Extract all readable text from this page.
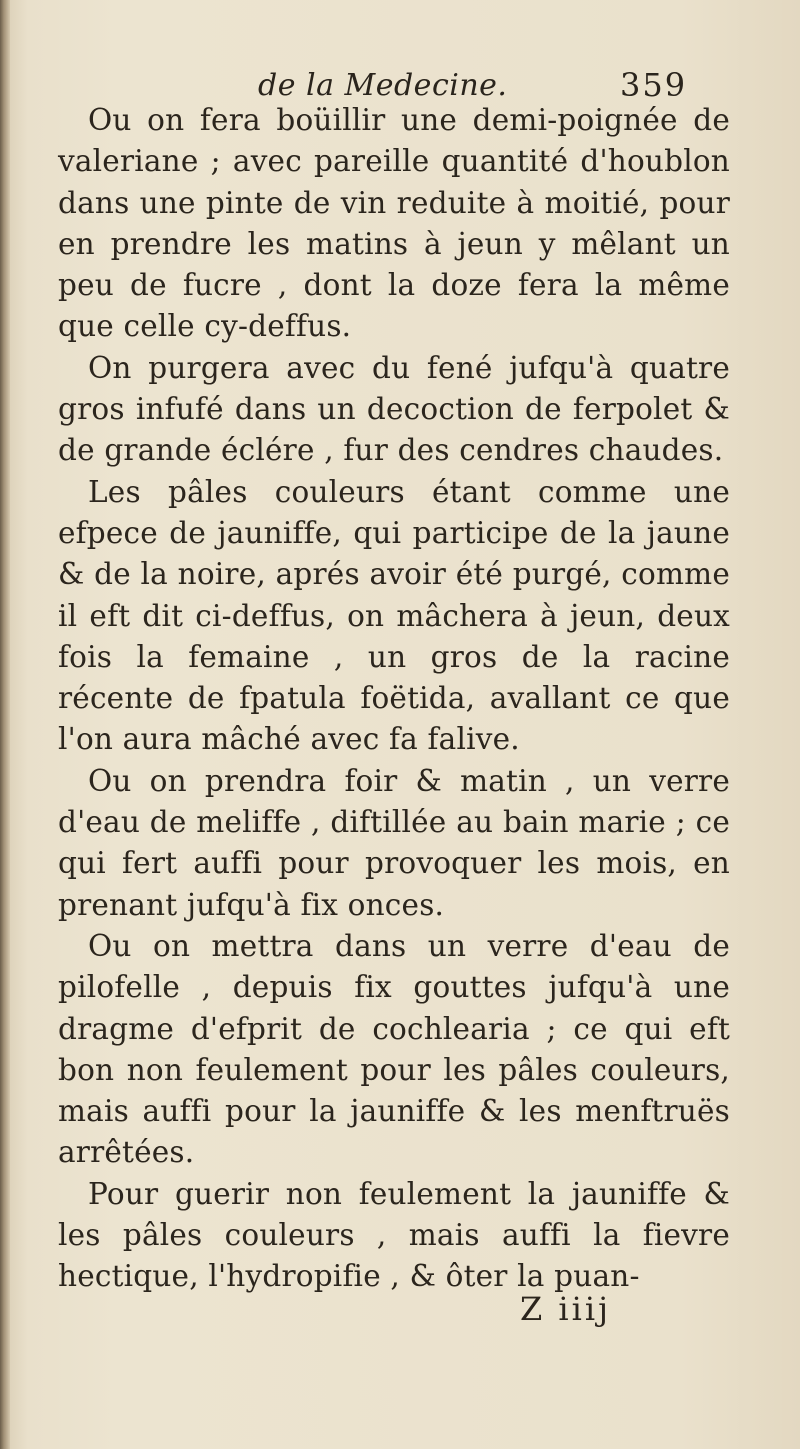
de la Medecine.	359

Ou on fera boüillir une demi-poignée de valeriane ; avec pareille quantité d'houblon dans une pinte de vin reduite à moitié, pour en prendre les matins à jeun y mêlant un peu de fucre , dont la doze fera la même que celle cy-deffus.

On purgera avec du fené jufqu'à quatre gros infufé dans un decoction de ferpolet & de grande éclére , fur des cendres chaudes.

Les pâles couleurs étant comme une efpece de jauniffe, qui participe de la jaune & de la noire, aprés avoir été purgé, comme il eft dit ci-deffus, on mâchera à jeun, deux fois la femaine , un gros de la racine récente de fpatula foëtida, avallant ce que l'on aura mâché avec fa falive.

Ou on prendra foir & matin , un verre d'eau de meliffe , diftillée au bain marie ; ce qui fert auffi pour provoquer les mois, en prenant jufqu'à fix onces.

Ou on mettra dans un verre d'eau de pilofelle , depuis fix gouttes jufqu'à une dragme d'efprit de cochlearia ; ce qui eft bon non feulement pour les pâles couleurs, mais auffi pour la jauniffe & les menftruës arrêtées.

Pour guerir non feulement la jauniffe & les pâles couleurs , mais auffi la fievre hectique, l'hydropifie , & ôter la puan-

Z iiij
